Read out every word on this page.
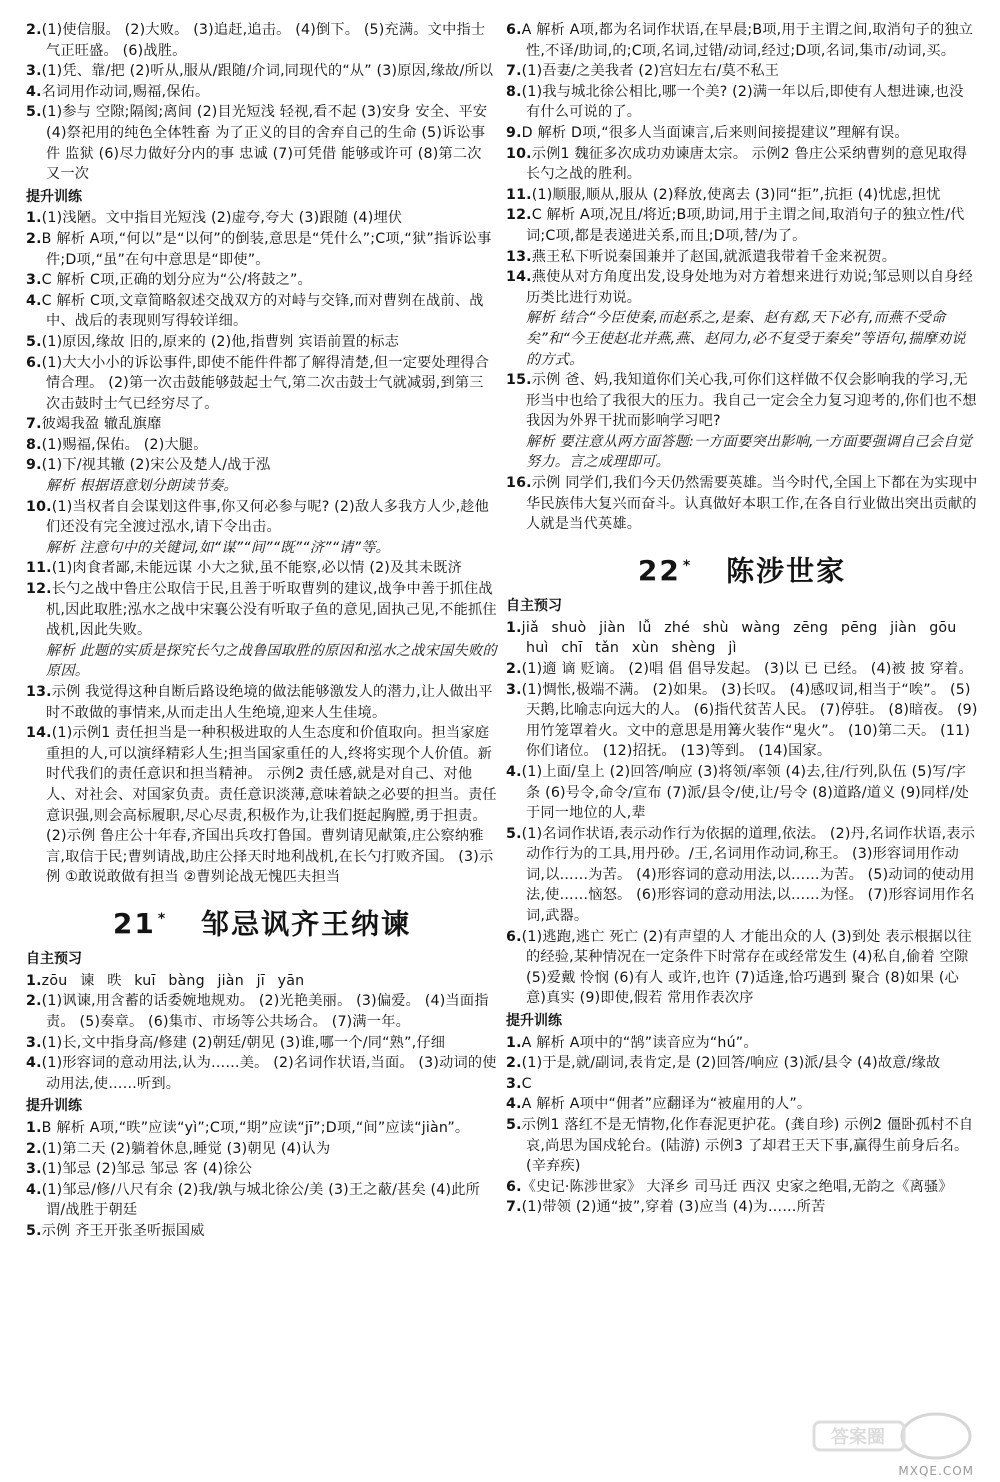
2.(1)使信服。 (2)大败。 (3)追赶,追击。 (4)倒下。 (5)充满。文中指士气正旺盛。 (6)战胜。

3.(1)凭、靠/把 (2)听从,服从/跟随/介词,同现代的“从” (3)原因,缘故/所以

4.名词用作动词,赐福,保佑。

5.(1)参与 空隙;隔阂;离间 (2)目光短浅 轻视,看不起 (3)安身 安全、平安 (4)祭祀用的纯色全体牲畜 为了正义的目的舍弃自己的生命 (5)诉讼事件 监狱 (6)尽力做好分内的事 忠诚 (7)可凭借 能够或许可 (8)第二次 又一次

提升训练

1.(1)浅陋。文中指目光短浅 (2)虚夸,夸大 (3)跟随 (4)埋伏

2.B 解析 A项,“何以”是“以何”的倒装,意思是“凭什么”;C项,“狱”指诉讼事件;D项,“虽”在句中意思是“即使”。

3.C 解析 C项,正确的划分应为“公/将鼓之”。

4.C 解析 C项,文章简略叙述交战双方的对峙与交锋,而对曹刿在战前、战中、战后的表现则写得较详细。

5.(1)原因,缘故 旧的,原来的 (2)他,指曹刿 宾语前置的标志

6.(1)大大小小的诉讼事件,即使不能件件都了解得清楚,但一定要处理得合情合理。 (2)第一次击鼓能够鼓起士气,第二次击鼓士气就减弱,到第三次击鼓时士气已经穷尽了。

7.彼竭我盈 辙乱旗靡

8.(1)赐福,保佑。 (2)大腿。

9.(1)下/视其辙 (2)宋公及楚人/战于泓

解析 根据语意划分朗读节奏。

10.(1)当权者自会谋划这件事,你又何必参与呢? (2)敌人多我方人少,趁他们还没有完全渡过泓水,请下令出击。

解析 注意句中的关键词,如“谋”“间”“既”“济”“请”等。

11.(1)肉食者鄙,未能远谋 小大之狱,虽不能察,必以情 (2)及其未既济

12.长勺之战中鲁庄公取信于民,且善于听取曹刿的建议,战争中善于抓住战机,因此取胜;泓水之战中宋襄公没有听取子鱼的意见,固执己见,不能抓住战机,因此失败。

解析 此题的实质是探究长勺之战鲁国取胜的原因和泓水之战宋国失败的原因。

13.示例 我觉得这种自断后路设绝境的做法能够激发人的潜力,让人做出平时不敢做的事情来,从而走出人生绝境,迎来人生佳境。

14.(1)示例1 责任担当是一种积极进取的人生态度和价值取向。担当家庭重担的人,可以演绎精彩人生;担当国家重任的人,终将实现个人价值。新时代我们的责任意识和担当精神。 示例2 责任感,就是对自己、对他人、对社会、对国家负责。责任意识淡薄,意味着缺之必要的担当。责任意识强,则会高标履职,尽心尽责,积极作为,让我们挺起胸膛,勇于担责。 (2)示例 鲁庄公十年春,齐国出兵攻打鲁国。曹刿请见献策,庄公察纳雅言,取信于民;曹刿请战,助庄公择天时地利战机,在长勺打败齐国。 (3)示例 ①敢说敢做有担当 ②曹刿论战无愧匹夫担当

21 * 邹忌讽齐王纳谏
自主预习

1.zōu 谏 昳 kuī bàng jiàn jī yān

2.(1)讽谏,用含蓄的话委婉地规劝。 (2)光艳美丽。 (3)偏爱。 (4)当面指责。 (5)奏章。 (6)集市、市场等公共场合。 (7)满一年。

3.(1)长,文中指身高/修建 (2)朝廷/朝见 (3)谁,哪一个/同“熟”,仔细

4.(1)形容词的意动用法,认为……美。 (2)名词作状语,当面。 (3)动词的使动用法,使……听到。

提升训练

1.B 解析 A项,“昳”应读“yì”;C项,“期”应读“jī”;D项,“间”应读“jiàn”。

2.(1)第二天 (2)躺着休息,睡觉 (3)朝见 (4)认为

3.(1)邹忌 (2)邹忌 邹忌 客 (4)徐公

4.(1)邹忌/修/八尺有余 (2)我/孰与城北徐公/美 (3)王之蔽/甚矣 (4)此所谓/战胜于朝廷

5.示例 齐王开张圣听振国威

6.A 解析 A项,都为名词作状语,在早晨;B项,用于主谓之间,取消句子的独立性,不译/助词,的;C项,名词,过错/动词,经过;D项,名词,集市/动词,买。

7.(1)吾妻/之美我者 (2)宫妇左右/莫不私王

8.(1)我与城北徐公相比,哪一个美? (2)满一年以后,即使有人想进谏,也没有什么可说的了。

9.D 解析 D项,“很多人当面谏言,后来则间接提建议”理解有误。

10.示例1 魏征多次成功劝谏唐太宗。 示例2 鲁庄公采纳曹刿的意见取得长勺之战的胜利。

11.(1)顺服,顺从,服从 (2)释放,使离去 (3)同“拒”,抗拒 (4)忧虑,担忧

12.C 解析 A项,况且/将近;B项,助词,用于主谓之间,取消句子的独立性/代词;C项,都是表递进关系,而且;D项,替/为了。

13.燕王私下听说秦国兼并了赵国,就派遣我带着千金来祝贺。

14.燕使从对方角度出发,设身处地为对方着想来进行劝说;邹忌则以自身经历类比进行劝说。

解析 结合“今臣使秦,而赵系之,是秦、赵有郄,天下必有,而燕不受命矣”和“今王使赵北并燕,燕、赵同力,必不复受于秦矣”等语句,揣摩劝说的方式。

15.示例 爸、妈,我知道你们关心我,可你们这样做不仅会影响我的学习,无形当中也给了我很大的压力。我自己一定会全力复习迎考的,你们也不想我因为外界干扰而影响学习吧?

解析 要注意从两方面答题:一方面要突出影响,一方面要强调自己会自觉努力。言之成理即可。

16.示例 同学们,我们今天仍然需要英雄。当今时代,全国上下都在为实现中华民族伟大复兴而奋斗。认真做好本职工作,在各自行业做出突出贡献的人就是当代英雄。

22 * 陈涉世家
自主预习

1.jiǎ shuò jiàn lǚ zhé shù wàng zēng pēng jiàn gōu huì chī tǎn xùn shèng jì

2.(1)適 谪 贬谪。 (2)唱 倡 倡导发起。 (3)以 已 已经。 (4)被 披 穿着。

3.(1)惆怅,极端不满。 (2)如果。 (3)长叹。 (4)感叹词,相当于“唉”。 (5)天鹅,比喻志向远大的人。 (6)指代贫苦人民。 (7)停驻。 (8)暗夜。 (9)用竹笼罩着火。文中的意思是用篝火装作“鬼火”。 (10)第二天。 (11)你们诸位。 (12)招抚。 (13)等到。 (14)国家。

4.(1)上面/皇上 (2)回答/响应 (3)将领/率领 (4)去,往/行列,队伍 (5)写/字条 (6)号令,命令/宣布 (7)派/县令/使,让/号令 (8)道路/道义 (9)同样/处于同一地位的人,辈

5.(1)名词作状语,表示动作行为依据的道理,依法。 (2)丹,名词作状语,表示动作行为的工具,用丹砂。/王,名词用作动词,称王。 (3)形容词用作动词,以……为苦。 (4)形容词的意动用法,以……为苦。 (5)动词的使动用法,使……恼怒。 (6)形容词的意动用法,以……为怪。 (7)形容词用作名词,武器。

6.(1)逃跑,逃亡 死亡 (2)有声望的人 才能出众的人 (3)到处 表示根据以往的经验,某种情况在一定条件下时常存在或经常发生 (4)私自,偷着 空隙 (5)爱戴 怜悯 (6)有人 或许,也许 (7)适逢,恰巧遇到 聚合 (8)如果 (心意)真实 (9)即使,假若 常用作表次序

提升训练

1.A 解析 A项中的“鹄”读音应为“hú”。

2.(1)于是,就/副词,表肯定,是 (2)回答/响应 (3)派/县令 (4)故意/缘故

3.C

4.A 解析 A项中“佣者”应翻译为“被雇用的人”。

5.示例1 落红不是无情物,化作春泥更护花。(龚自珍) 示例2 僵卧孤村不自哀,尚思为国戍轮台。(陆游) 示例3 了却君王天下事,赢得生前身后名。(辛弃疾)

6.《史记·陈涉世家》 大泽乡 司马迁 西汉 史家之绝唱,无韵之《离骚》

7.(1)带领 (2)通“披”,穿着 (3)应当 (4)为……所苦

答案圈
MXQE.COM
